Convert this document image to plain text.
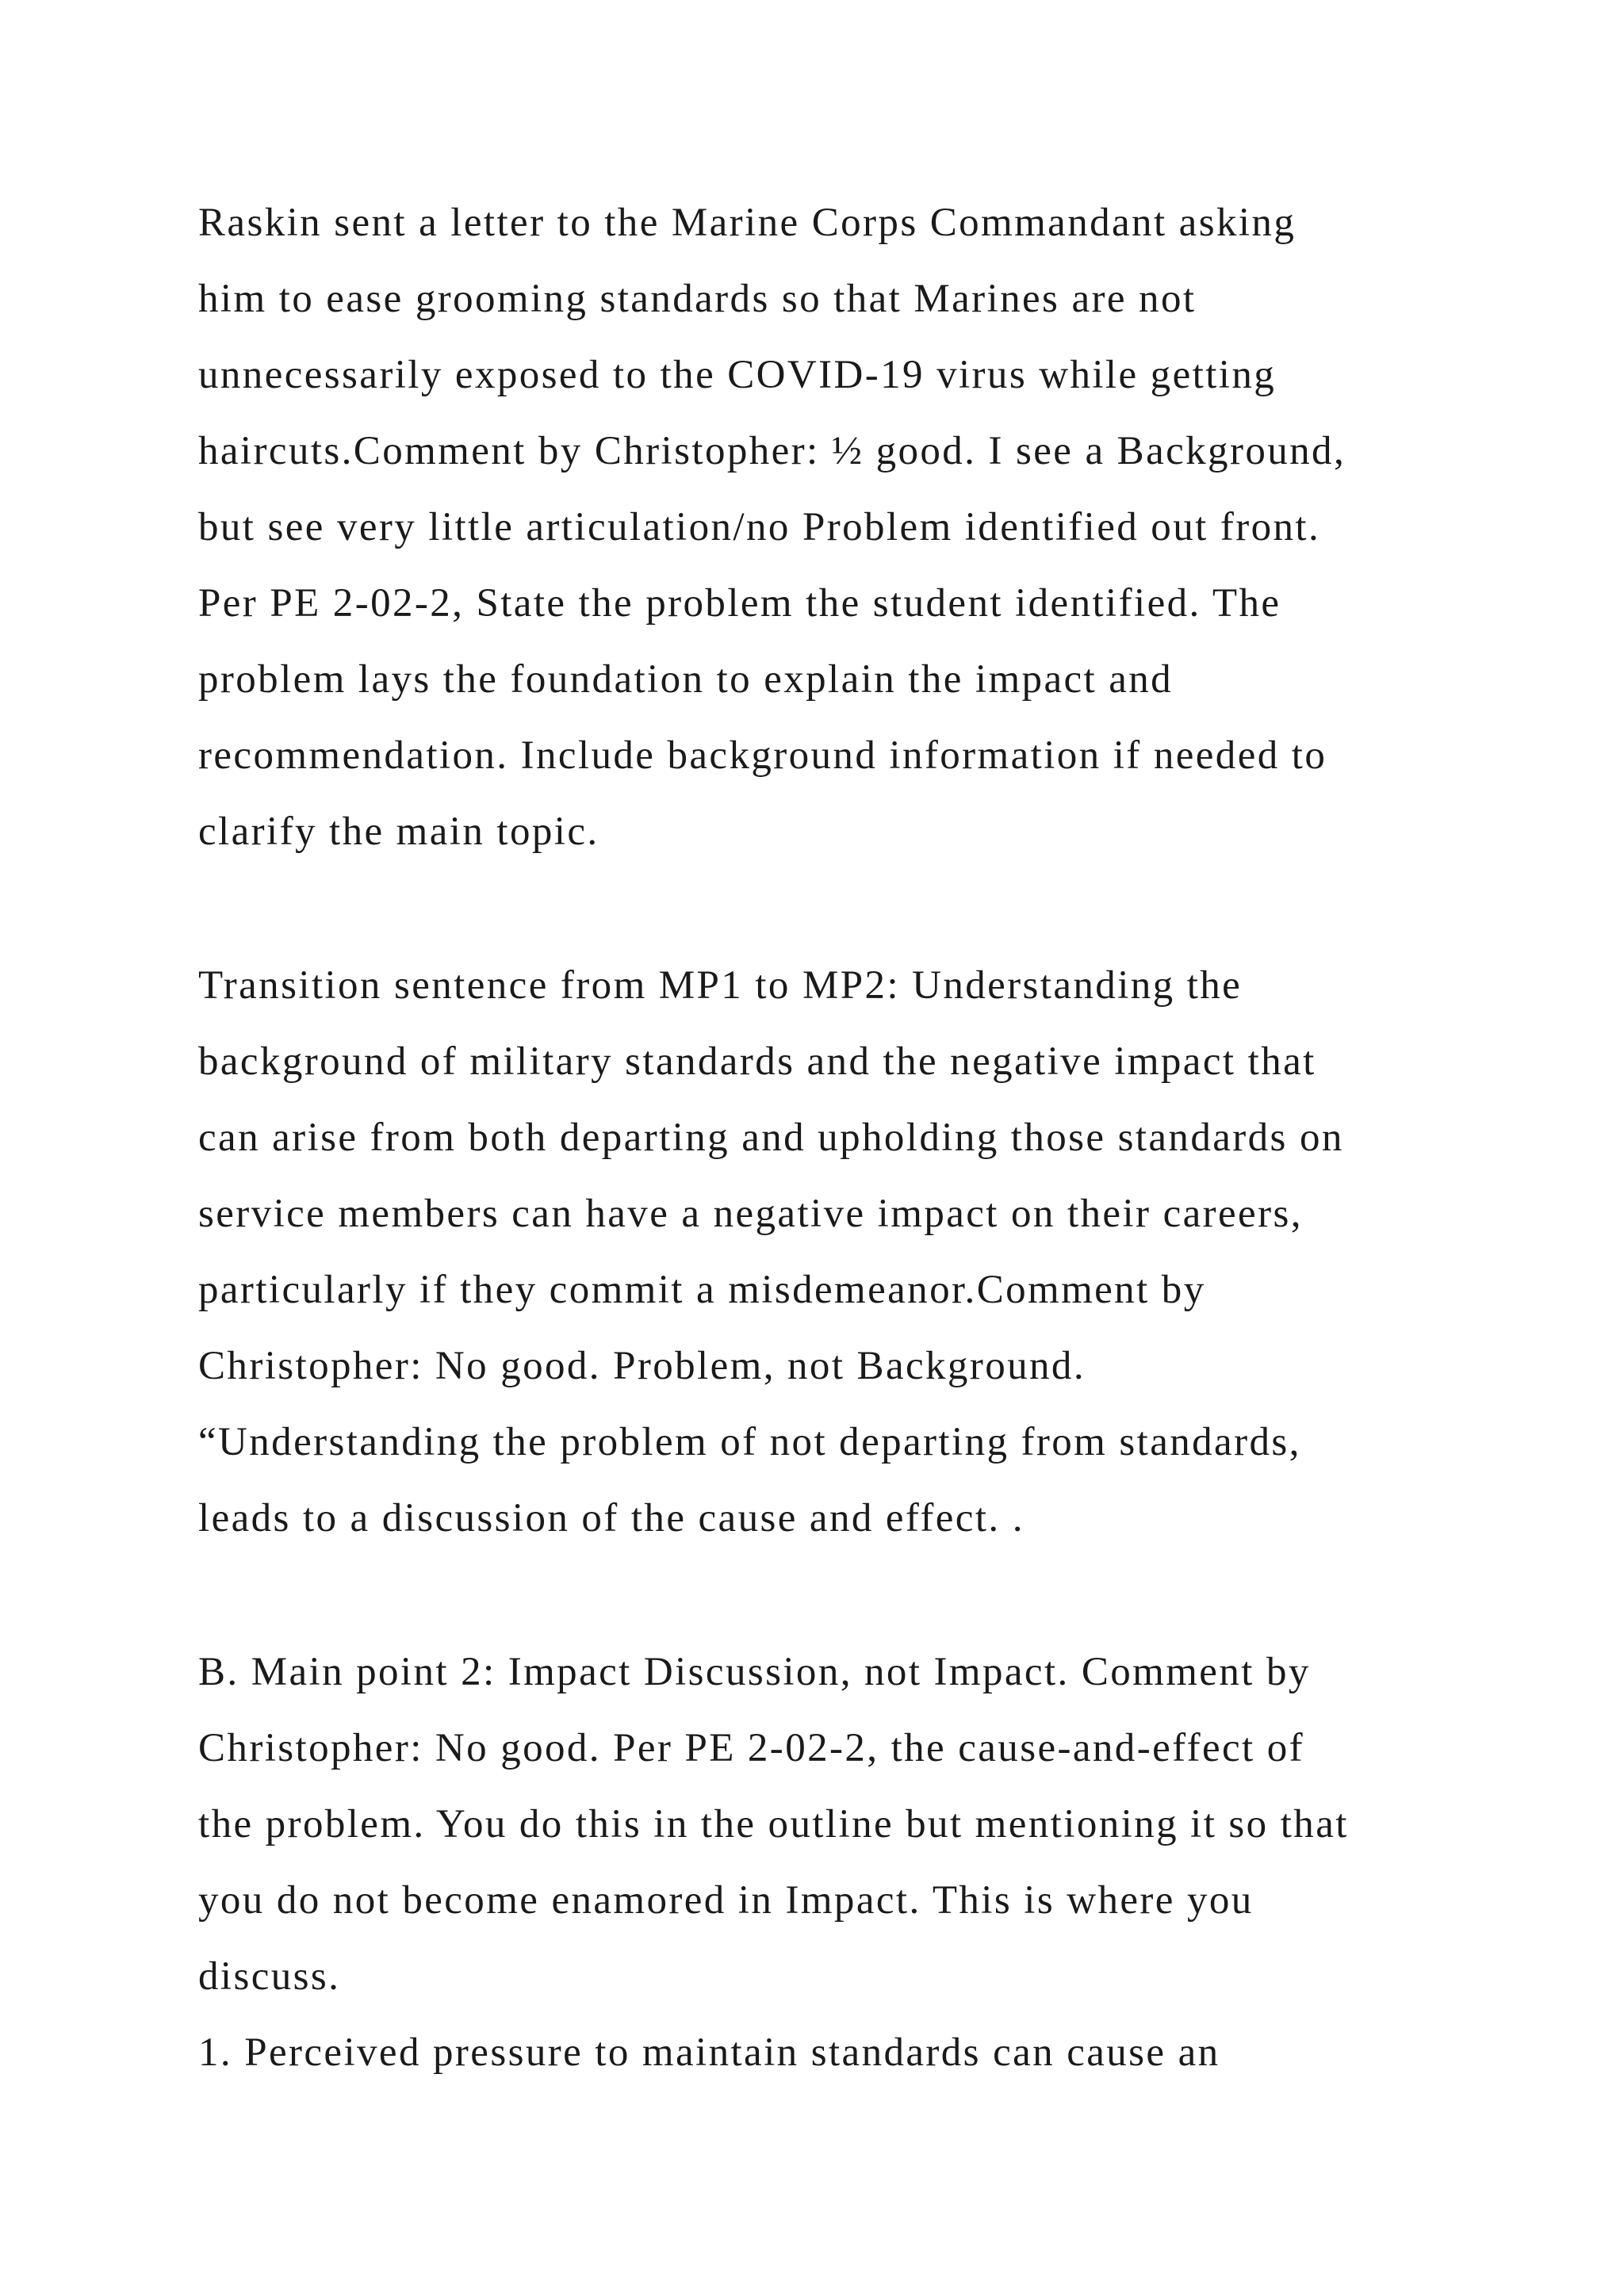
Raskin sent a letter to the Marine Corps Commandant asking
him to ease grooming standards so that Marines are not
unnecessarily exposed to the COVID-19 virus while getting
haircuts.Comment by Christopher: ½ good. I see a Background,
but see very little articulation/no Problem identified out front.
Per PE 2-02-2, State the problem the student identified. The
problem lays the foundation to explain the impact and
recommendation. Include background information if needed to
clarify the main topic.
Transition sentence from MP1 to MP2: Understanding the
background of military standards and the negative impact that
can arise from both departing and upholding those standards on
service members can have a negative impact on their careers,
particularly if they commit a misdemeanor.Comment by
Christopher: No good. Problem, not Background.
“Understanding the problem of not departing from standards,
leads to a discussion of the cause and effect. .
B. Main point 2: Impact Discussion, not Impact. Comment by
Christopher: No good. Per PE 2-02-2, the cause-and-effect of
the problem. You do this in the outline but mentioning it so that
you do not become enamored in Impact. This is where you
discuss.
1. Perceived pressure to maintain standards can cause an
